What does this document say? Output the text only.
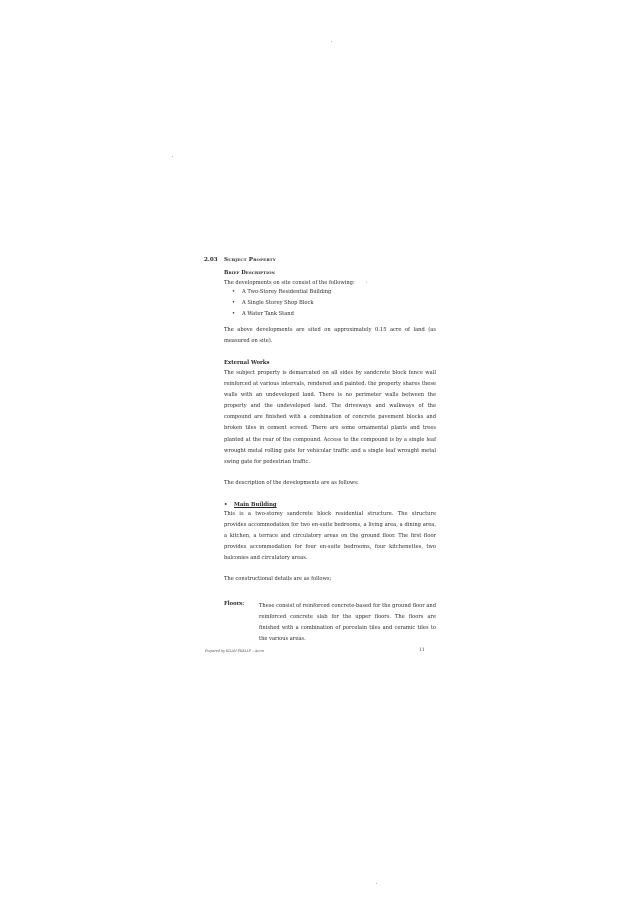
2.03 Subject Property
Brief Description
The developments on site consist of the following:
• A Two-Storey Residential Building
• A Single Storey Shop Block
• A Water Tank Stand
The above developments are sited on approximately 0.15 acre of land (as measured on site).
External Works
The subject property is demarcated on all sides by sandcrete block fence wall reinforced at various intervals, rendered and painted. the property shares these walls with an undeveloped land. There is no perimeter walls between the property and the undeveloped land. The driveways and walkways of the compound are finished with a combination of concrete pavement blocks and broken tiles in cement screed. There are some ornamental plants and trees planted at the rear of the compound. Access to the compound is by a single leaf wrought metal rolling gate for vehicular traffic and a single leaf wrought metal swing gate for pedestrian traffic.
The description of the developments are as follows:
• Main Building
This is a two-storey sandcrete block residential structure. The structure provides accommodation for two en-suite bedrooms, a living area, a dining area, a kitchen, a terrace and circulatory areas on the ground floor. The first floor provides accommodation for four en-suite bedrooms, four kitchenettes, two balconies and circulatory areas.
The constructional details are as follows;
Floors:	These consist of reinforced concrete-based for the ground floor and reinforced concrete slab for the upper floors. The floors are finished with a combination of porcelain tiles and ceramic tiles to the various areas.
Prepared by KILAN-FKKLLP – Accra	11
